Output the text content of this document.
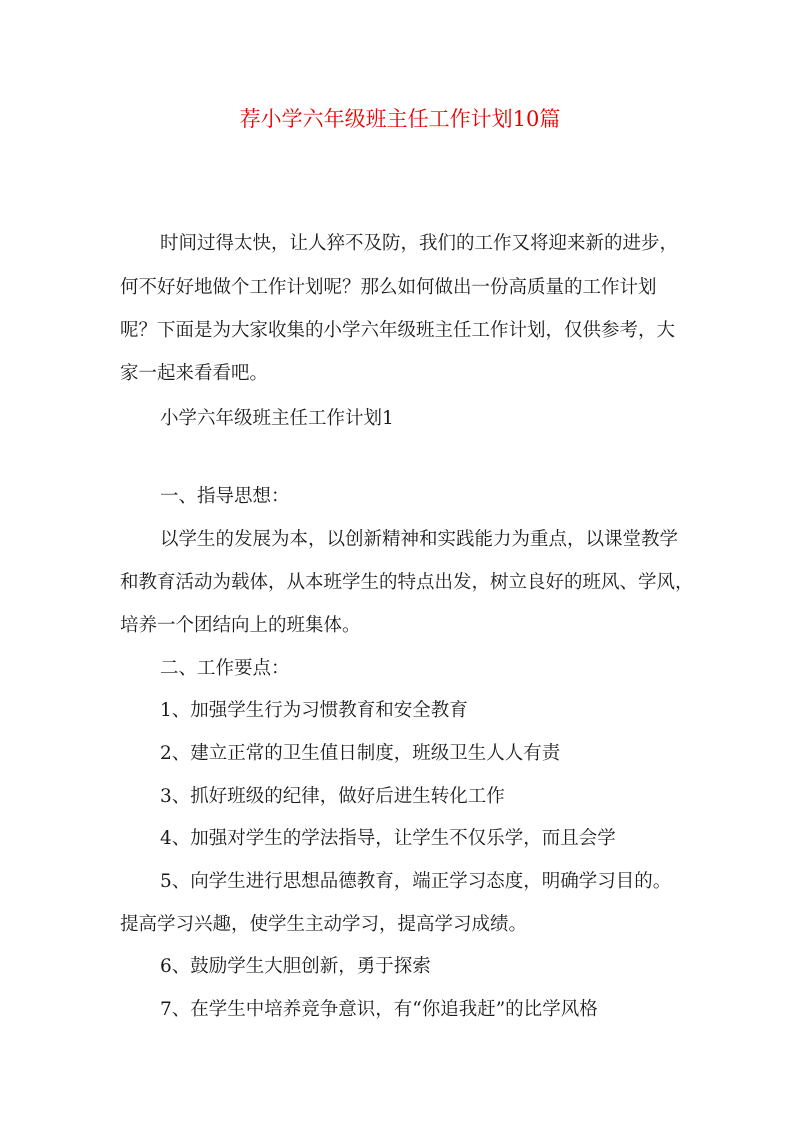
荐小学六年级班主任工作计划10篇
时间过得太快，让人猝不及防，我们的工作又将迎来新的进步，
何不好好地做个工作计划呢？那么如何做出一份高质量的工作计划
呢？下面是为大家收集的小学六年级班主任工作计划，仅供参考，大
家一起来看看吧。
小学六年级班主任工作计划1
一、指导思想：
以学生的发展为本，以创新精神和实践能力为重点，以课堂教学
和教育活动为载体，从本班学生的特点出发，树立良好的班风、学风，
培养一个团结向上的班集体。
二、工作要点：
1、加强学生行为习惯教育和安全教育
2、建立正常的卫生值日制度，班级卫生人人有责
3、抓好班级的纪律，做好后进生转化工作
4、加强对学生的学法指导，让学生不仅乐学，而且会学
5、向学生进行思想品德教育，端正学习态度，明确学习目的。
提高学习兴趣，使学生主动学习，提高学习成绩。
6、鼓励学生大胆创新，勇于探索
7、在学生中培养竞争意识，有“你追我赶”的比学风格
